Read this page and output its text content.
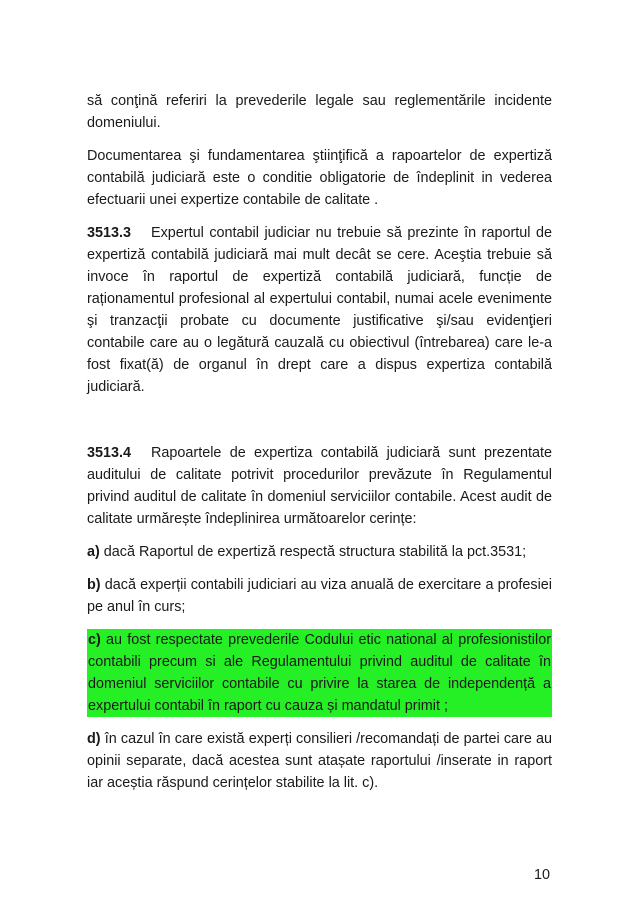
să conţină referiri la prevederile legale sau reglementările incidente domeniului.

Documentarea şi fundamentarea ştiinţifică a rapoartelor de expertiză contabilă judiciară este o conditie obligatorie de îndeplinit in vederea efectuarii unei expertize contabile de calitate .

3513.3 Expertul contabil judiciar nu trebuie să prezinte în raportul de expertiză contabilă judiciară mai mult decât se cere. Aceştia trebuie să invoce în raportul de expertiză contabilă judiciară, funcție de raționamentul profesional al expertului contabil, numai acele evenimente şi tranzacţii probate cu documente justificative şi/sau evidenţieri contabile care au o legătură cauzală cu obiectivul (întrebarea) care le-a fost fixat(ă) de organul în drept care a dispus expertiza contabilă judiciară.

3513.4 Rapoartele de expertiza contabilă judiciară sunt prezentate auditului de calitate potrivit procedurilor prevăzute în Regulamentul privind auditul de calitate în domeniul serviciilor contabile. Acest audit de calitate urmărește îndeplinirea următoarelor cerințe:

a) dacă Raportul de expertiză respectă structura stabilită la pct.3531;

b) dacă experții contabili judiciari au viza anuală de exercitare a profesiei pe anul în curs;

c) au fost respectate prevederile Codului etic national al profesionistilor contabili precum si ale Regulamentului privind auditul de calitate în domeniul serviciilor contabile cu privire la starea de independență a expertului contabil în raport cu cauza și mandatul primit ;

d) în cazul în care există experți consilieri /recomandați de partei care au opinii separate, dacă acestea sunt atașate raportului /inserate in raport iar aceștia răspund cerințelor stabilite la lit. c).

10
